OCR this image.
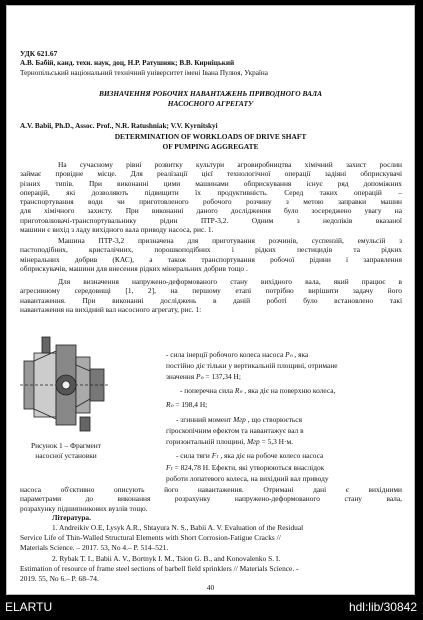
УДК 621.67
А.В. Бабій, канд. техн. наук, доц, Н.Р. Ратушняк; В.В. Кирніцький
Тернопільський національний технічний університет імені Івана Пулюя, Україна
ВИЗНАЧЕННЯ РОБОЧИХ НАВАНТАЖЕНЬ ПРИВОДНОГО ВАЛА
НАСОСНОГО АГРЕГАТУ
A.V. Babii, Ph.D., Assoc. Prof., N.R. Ratushniak; V.V. Kyrnitskyi
DETERMINATION OF WORKLOADS OF DRIVE SHAFT
OF PUMPING AGGREGATE
На сучасному рівні розвитку культури агровиробництва хімічний захист рослин
займає провідне місце. Для реалізації цієї технологічної операції задіяні обприскувачі
різних типів. При виконанні цими машинами обприскування існує ряд допоміжних
операцій, які дозволяють підвищити їх продуктивність. Серед таких операцій –
транспортування води чи приготовленого робочого розчину з метою заправки машин
для хімічного захисту. При виконанні даного дослідження було зосереджено увагу на
приготовлювачі-транспортувальнику рідин ПТР-3,2. Одним з недоліків вказаної
машини є вихід з ладу вихідного вала приводу насоса, рис. 1.
Машина ПТР-3,2 призначена для приготування розчинів, суспензій, емульсій з
пастоподібних, кристалічних, порошкоподібних і рідких пестицидів та рідких
мінеральних добрив (КАС), а також транспортування робочої рідини і заправлення
обприскувачів, машини для внесення рідких мінеральних добрив тощо .
Для визначення напружено-деформованого стану вихідного вала, який працює в
агресивному середовищі [1, 2], на першому етапі потрібно вирішити задачу його
навантаження. При виконанні досліджень в даній роботі було встановлено такі
навантаження на вихідний вал насосного агрегату, рис. 1:
Рисунок 1 – Фрагмент
насосної установки
- сила інерції робочого колеса насоса Pₙ , яка
постійно діє тільки у вертикальній площині, отримане
значення Pₙ = 137,34 Н;
- поперечна сила Rₙ , яка діє на поверхню колеса,
Rₙ = 198,4 Н;
- згинний момент Mгр , що створюється
гіроскопічним ефектом та навантажує вал в
горизонтальній площині, Mгр = 5,3 Н·м.
- сила тяги Fₜ , яка діє на робоче колесо насоса
Fₜ = 824,78 Н. Ефекти, які утворюються внаслідок
роботи лопатевого колеса, на вихідний вал приводу
насоса об'єктивно описують його навантаження. Отримані дані є вихідними
параметрами до виконання розрахунку напружено-деформованого стану вала,
розрахунку підшипникових вузлів тощо.
Література.
1. Andreikiv O.E, Lysyk A.R., Shtayura N. S., Babii A. V. Evaluation of the Residual
Service Life of Thin-Walled Structural Elements with Short Corrosion-Fatigue Cracks //
Materials Science. – 2017. 53, No 4.– P. 514–521.
2. Rybak T. I., Babii A. V., Bortnyk I. M., Tsion G. B., and Konovalenko S. I.
Estimation of resource of frame steel sections of barbell field sprinklers // Materials Science. -
2019. 55, No 6.– P. 68–74.
40
ELARTU	hdl:lib/30842
